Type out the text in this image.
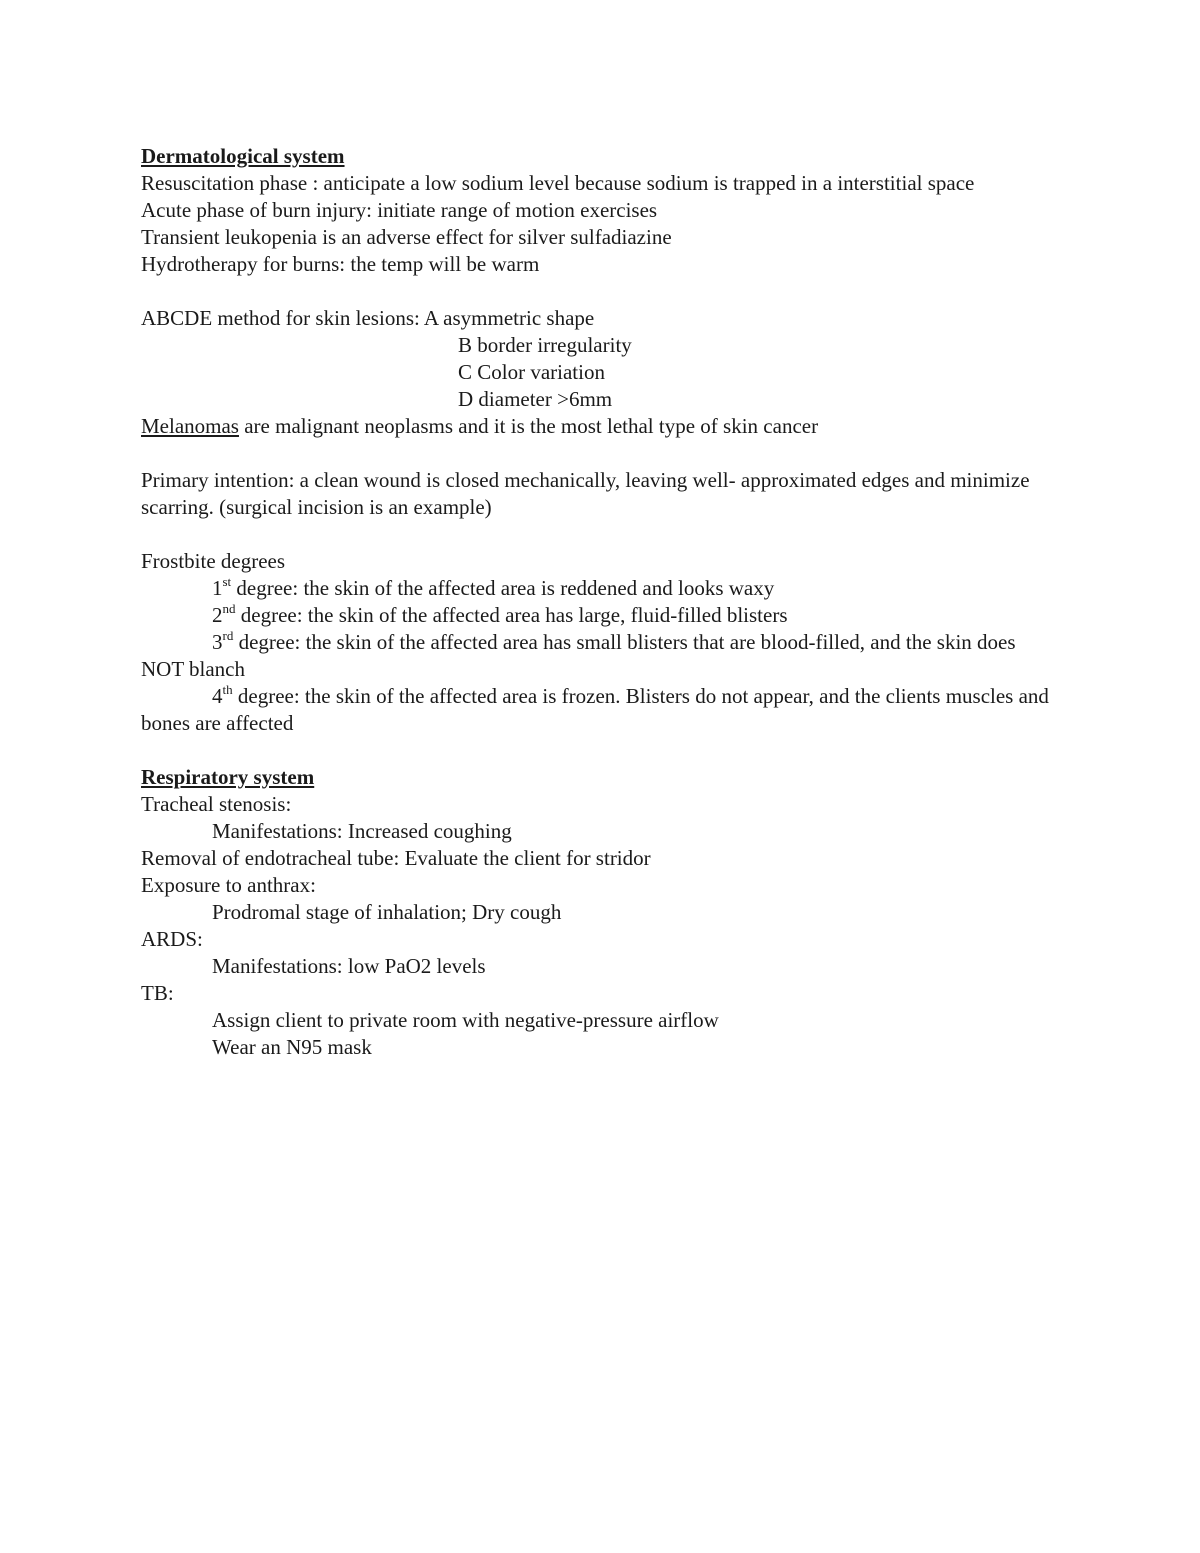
Dermatological system

Resuscitation phase : anticipate a low sodium level because sodium is trapped in a interstitial space

Acute phase of burn injury: initiate range of motion exercises

Transient leukopenia is an adverse effect for silver sulfadiazine

Hydrotherapy for burns: the temp will be warm

ABCDE method for skin lesions: A asymmetric shape

B border irregularity

C Color variation

D diameter >6mm

Melanomas are malignant neoplasms and it is the most lethal type of skin cancer

Primary intention: a clean wound is closed mechanically, leaving well- approximated edges and minimize scarring. (surgical incision is an example)

Frostbite degrees

1st degree: the skin of the affected area is reddened and looks waxy

2nd degree: the skin of the affected area has large, fluid-filled blisters

3rd degree: the skin of the affected area has small blisters that are blood-filled, and the skin does NOT blanch

4th degree: the skin of the affected area is frozen. Blisters do not appear, and the clients muscles and bones are affected

Respiratory system

Tracheal stenosis:

Manifestations: Increased coughing

Removal of endotracheal tube: Evaluate the client for stridor

Exposure to anthrax:

Prodromal stage of inhalation; Dry cough

ARDS:

Manifestations: low PaO2 levels

TB:

Assign client to private room with negative-pressure airflow

Wear an N95 mask
